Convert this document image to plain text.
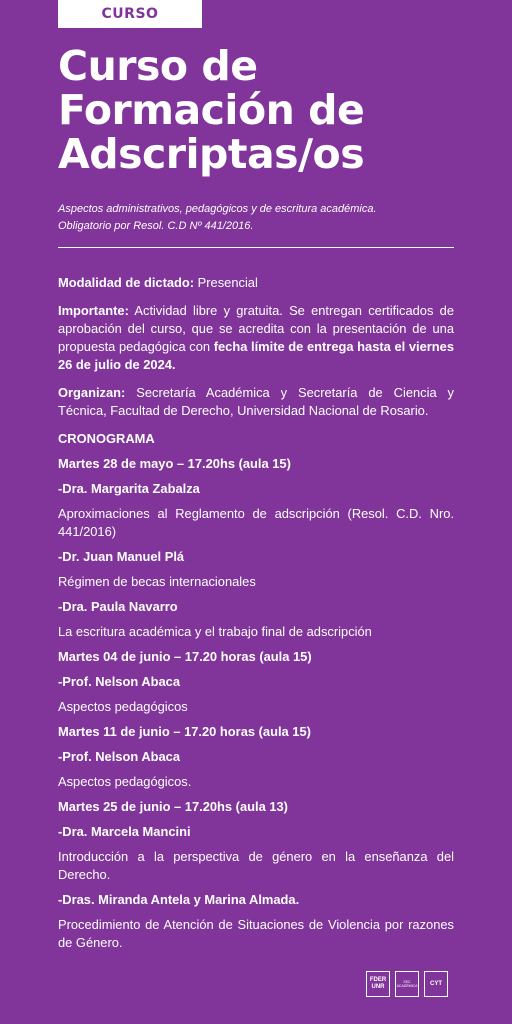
CURSO
Curso de
Formación de
Adscriptas/os
Aspectos administrativos, pedagógicos y de escritura académica.
Obligatorio por Resol. C.D Nº 441/2016.

Modalidad de dictado: Presencial

Importante: Actividad libre y gratuita. Se entregan certificados de aprobación del curso, que se acredita con la presentación de una propuesta pedagógica con fecha límite de entrega hasta el viernes 26 de julio de 2024.

Organizan: Secretaría Académica y Secretaría de Ciencia y Técnica, Facultad de Derecho, Universidad Nacional de Rosario.

CRONOGRAMA
Martes 28 de mayo – 17.20hs (aula 15)
-Dra. Margarita Zabalza
Aproximaciones al Reglamento de adscripción (Resol. C.D. Nro. 441/2016)
-Dr. Juan Manuel Plá
Régimen de becas internacionales
-Dra. Paula Navarro
La escritura académica y el trabajo final de adscripción
Martes 04 de junio – 17.20 horas (aula 15)
-Prof. Nelson Abaca
Aspectos pedagógicos
Martes 11 de junio – 17.20 horas (aula 15)
-Prof. Nelson Abaca
Aspectos pedagógicos.
Martes 25 de junio – 17.20hs (aula 13)
-Dra. Marcela Mancini
Introducción a la perspectiva de género en la enseñanza del Derecho.
-Dras. Miranda Antela y Marina Almada.
Procedimiento de Atención de Situaciones de Violencia por razones de Género.
FDER
UNR
SEC
ACADÉMICA CYT
